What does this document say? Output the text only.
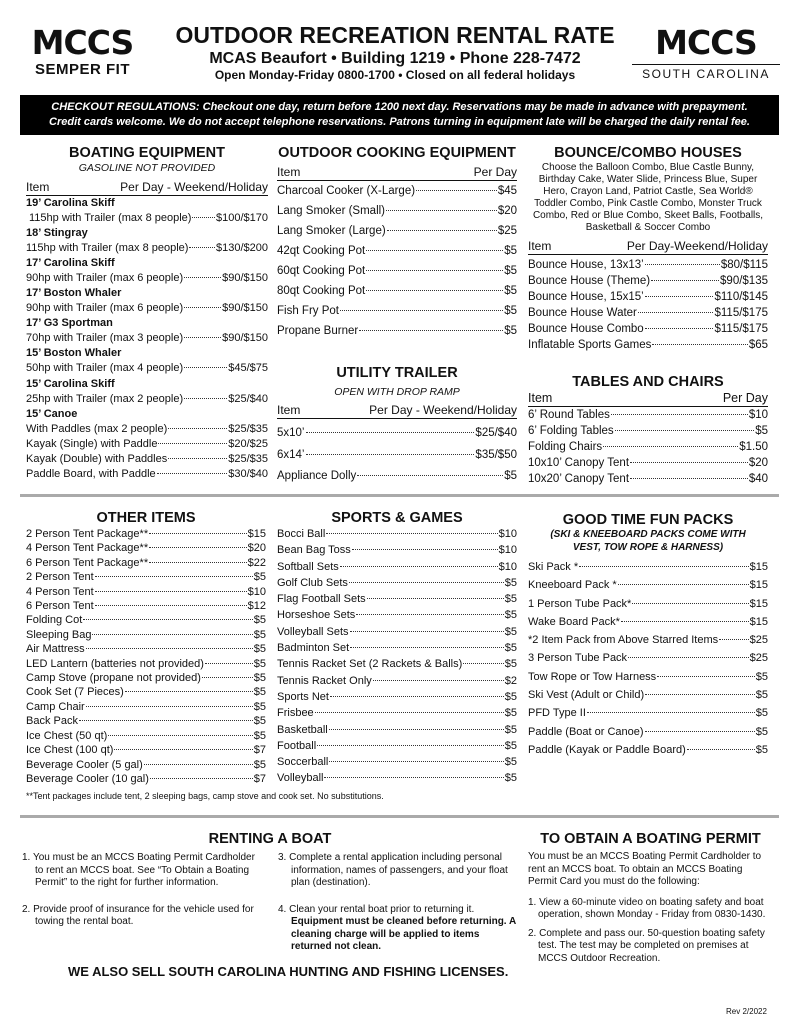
MCCS
SEMPER FIT
OUTDOOR RECREATION RENTAL RATE
MCAS Beaufort • Building 1219 • Phone 228-7472
Open Monday-Friday 0800-1700 • Closed on all federal holidays
MCCS
SOUTH CAROLINA
CHECKOUT REGULATIONS: Checkout one day, return before 1200 next day. Reservations may be made in advance with prepayment.
Credit cards welcome. We do not accept telephone reservations. Patrons turning in equipment late will be charged the daily rental fee.
BOATING EQUIPMENT
GASOLINE NOT PROVIDED
Item	Per Day - Weekend/Holiday
19’ Carolina Skiff
115hp with Trailer (max 8 people) $100/$170
18’ Stingray
115hp with Trailer (max 8 people)	$130/$200
17’ Carolina Skiff
90hp with Trailer (max 6 people)	$90/$150
17’ Boston Whaler
90hp with Trailer (max 6 people)	$90/$150
17’ G3 Sportman
70hp with Trailer (max 3 people)	$90/$150
15’ Boston Whaler
50hp with Trailer (max 4 people)	$45/$75
15’ Carolina Skiff
25hp with Trailer (max 2 people)	$25/$40
15’ Canoe
With Paddles (max 2 people)	$25/$35
Kayak (Single) with Paddle	$20/$25
Kayak (Double) with Paddles	$25/$35
Paddle Board, with Paddle	$30/$40
OUTDOOR COOKING EQUIPMENT
Item	Per Day
Charcoal Cooker (X-Large)	$45
Lang Smoker (Small)	$20
Lang Smoker (Large)	$25
42qt Cooking Pot	$5
60qt Cooking Pot	$5
80qt Cooking Pot	$5
Fish Fry Pot	$5
Propane Burner	$5
UTILITY TRAILER
OPEN WITH DROP RAMP
Item	Per Day - Weekend/Holiday
5x10’	$25/$40
6x14’	$35/$50
Appliance Dolly	$5
BOUNCE/COMBO HOUSES
Choose the Balloon Combo, Blue Castle Bunny, Birthday Cake, Water Slide, Princess Blue, Super Hero, Crayon Land, Patriot Castle, Sea World® Toddler Combo, Pink Castle Combo, Monster Truck Combo, Red or Blue Combo, Skeet Balls, Footballs, Basketball & Soccer Combo
Item	Per Day-Weekend/Holiday
Bounce House, 13x13’	$80/$115
Bounce House (Theme)	$90/$135
Bounce House, 15x15’	$110/$145
Bounce House Water	$115/$175
Bounce House Combo	$115/$175
Inflatable Sports Games	$65
TABLES AND CHAIRS
Item	Per Day
6’ Round Tables	$10
6’ Folding Tables	$5
Folding Chairs	$1.50
10x10’ Canopy Tent	$20
10x20’ Canopy Tent	$40
OTHER ITEMS
2 Person Tent Package**	$15
4 Person Tent Package**	$20
6 Person Tent Package**	$22
2 Person Tent	$5
4 Person Tent	$10
6 Person Tent	$12
Folding Cot	$5
Sleeping Bag	$5
Air Mattress	$5
LED Lantern (batteries not provided)	$5
Camp Stove (propane not provided)	$5
Cook Set (7 Pieces)	$5
Camp Chair	$5
Back Pack	$5
Ice Chest (50 qt)	$5
Ice Chest (100 qt)	$7
Beverage Cooler (5 gal)	$5
Beverage Cooler (10 gal)	$7
**Tent packages include tent, 2 sleeping bags, camp stove and cook set. No substitutions.
SPORTS & GAMES
Bocci Ball	$10
Bean Bag Toss	$10
Softball Sets	$10
Golf Club Sets	$5
Flag Football Sets	$5
Horseshoe Sets	$5
Volleyball Sets	$5
Badminton Set	$5
Tennis Racket Set (2 Rackets & Balls)	$5
Tennis Racket Only	$2
Sports Net	$5
Frisbee	$5
Basketball	$5
Football	$5
Soccerball	$5
Volleyball	$5
GOOD TIME FUN PACKS
(SKI & KNEEBOARD PACKS COME WITH VEST, TOW ROPE & HARNESS)
Ski Pack *	$15
Kneeboard Pack *	$15
1 Person Tube Pack*	$15
Wake Board Pack*	$15
*2 Item Pack from Above Starred Items	$25
3 Person Tube Pack	$25
Tow Rope or Tow Harness	$5
Ski Vest (Adult or Child)	$5
PFD Type II	$5
Paddle (Boat or Canoe)	$5
Paddle (Kayak or Paddle Board)	$5
RENTING A BOAT
1. You must be an MCCS Boating Permit Cardholder to rent an MCCS boat. See “To Obtain a Boating Permit” to the right for further information.
2. Provide proof of insurance for the vehicle used for towing the rental boat.
3. Complete a rental application including personal information, names of passengers, and your float plan (destination).
4. Clean your rental boat prior to returning it.
Equipment must be cleaned before returning. A cleaning charge will be applied to items returned not clean.
TO OBTAIN A BOATING PERMIT
You must be an MCCS Boating Permit Cardholder to rent an MCCS boat. To obtain an MCCS Boating Permit Card you must do the following:
1. View a 60-minute video on boating safety and boat operation, shown Monday - Friday from 0830-1430.
2. Complete and pass our. 50-question boating safety test. The test may be completed on premises at MCCS Outdoor Recreation.
WE ALSO SELL SOUTH CAROLINA HUNTING AND FISHING LICENSES.
Rev 2/2022
